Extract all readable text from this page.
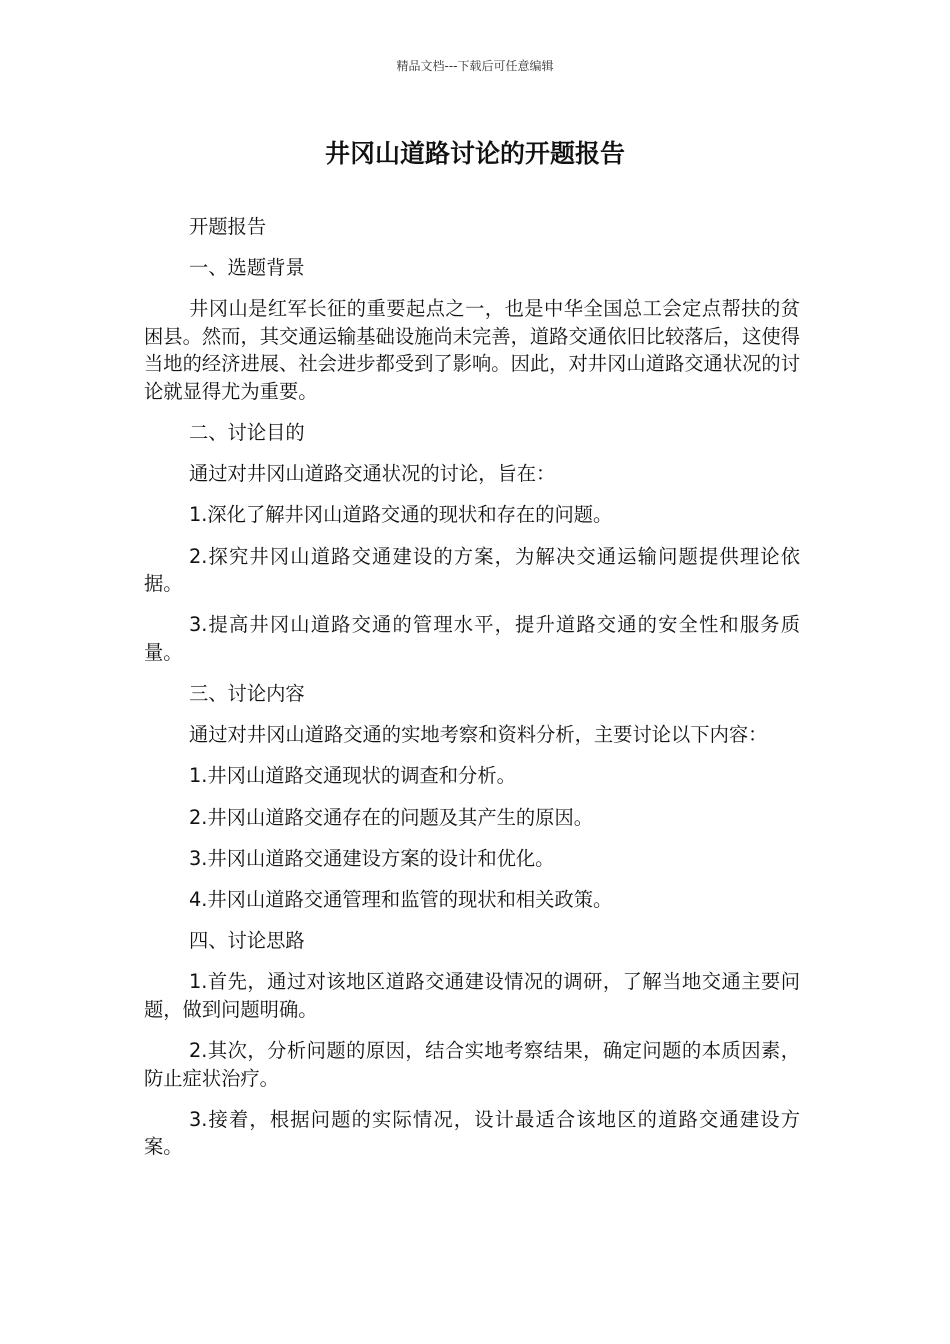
精品文档---下载后可任意编辑
井冈山道路讨论的开题报告

开题报告

一、选题背景

井冈山是红军长征的重要起点之一，也是中华全国总工会定点帮扶的贫困县。然而，其交通运输基础设施尚未完善，道路交通依旧比较落后，这使得当地的经济进展、社会进步都受到了影响。因此，对井冈山道路交通状况的讨论就显得尤为重要。

二、讨论目的

通过对井冈山道路交通状况的讨论，旨在：

1.深化了解井冈山道路交通的现状和存在的问题。

2.探究井冈山道路交通建设的方案，为解决交通运输问题提供理论依据。

3.提高井冈山道路交通的管理水平，提升道路交通的安全性和服务质量。

三、讨论内容

通过对井冈山道路交通的实地考察和资料分析，主要讨论以下内容：

1.井冈山道路交通现状的调查和分析。

2.井冈山道路交通存在的问题及其产生的原因。

3.井冈山道路交通建设方案的设计和优化。

4.井冈山道路交通管理和监管的现状和相关政策。

四、讨论思路

1.首先，通过对该地区道路交通建设情况的调研，了解当地交通主要问题，做到问题明确。

2.其次，分析问题的原因，结合实地考察结果，确定问题的本质因素，防止症状治疗。

3.接着，根据问题的实际情况，设计最适合该地区的道路交通建设方案。
